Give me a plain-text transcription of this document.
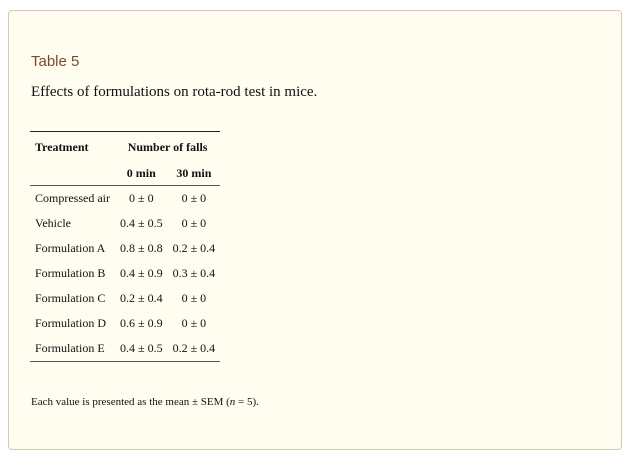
Table 5
Effects of formulations on rota-rod test in mice.
Treatment	Number of falls	
	0 min	30 min
Compressed air	0 ± 0	0 ± 0
Vehicle	0.4 ± 0.5	0 ± 0
Formulation A	0.8 ± 0.8	0.2 ± 0.4
Formulation B	0.4 ± 0.9	0.3 ± 0.4
Formulation C	0.2 ± 0.4	0 ± 0
Formulation D	0.6 ± 0.9	0 ± 0
Formulation E	0.4 ± 0.5	0.2 ± 0.4
Each value is presented as the mean ± SEM (n = 5).
